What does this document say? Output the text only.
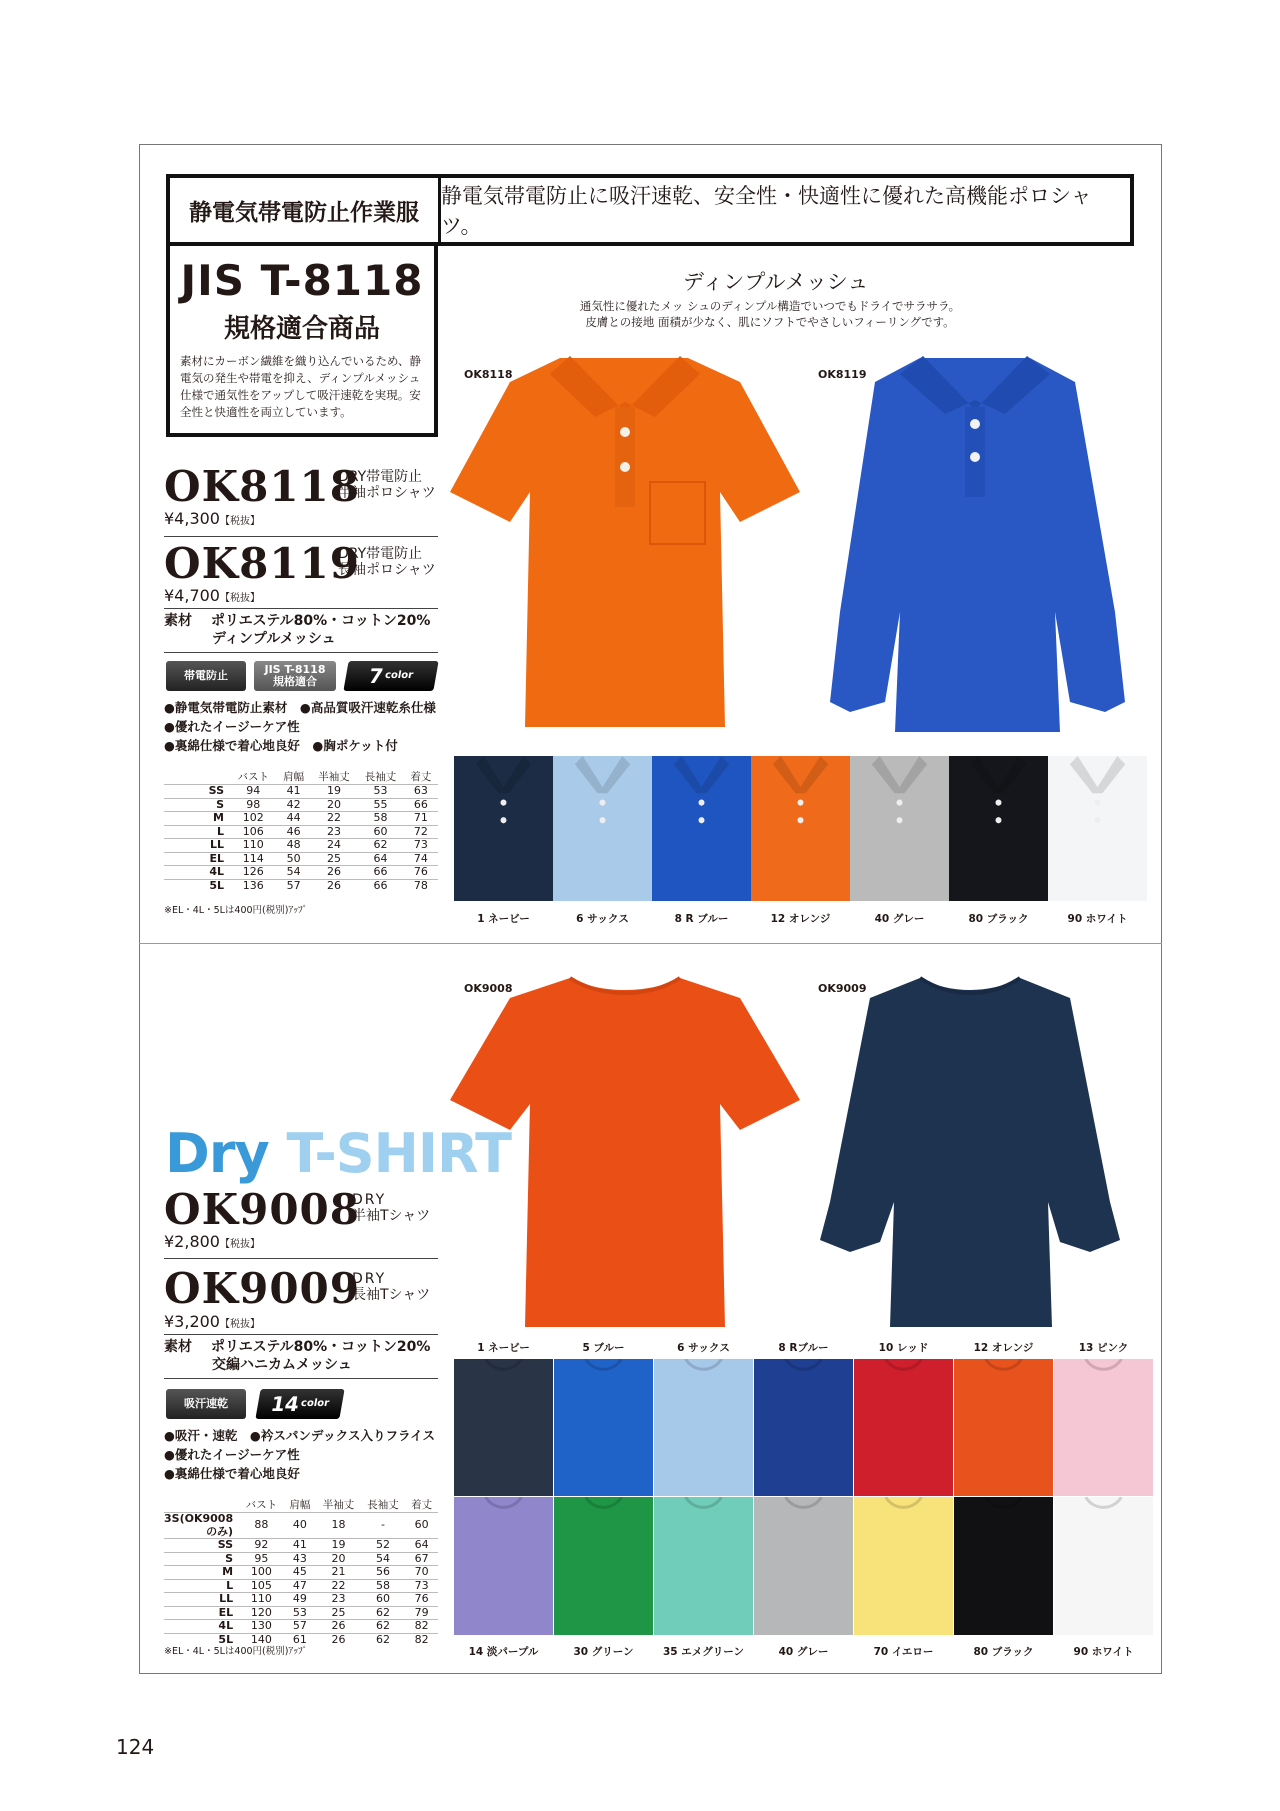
静電気帯電防止作業服
静電気帯電防止に吸汗速乾、安全性・快適性に優れた高機能ポロシャツ。
JIS T-8118
規格適合商品
素材にカーボン繊維を織り込んでいるため、静電気の発生や帯電を抑え、ディンプルメッシュ仕様で通気性をアップして吸汗速乾を実現。安全性と快適性を両立しています。
OK8118
DRY帯電防止
半袖ポロシャツ
¥4,300【税抜】
OK8119
DRY帯電防止
長袖ポロシャツ
¥4,700【税抜】
素材 ポリエステル80%・コットン20%
ディンプルメッシュ
帯電防止	JIS T-8118
規格適合	7 color
●静電気帯電防止素材　●高品質吸汗速乾糸仕様
●優れたイージーケア性
●裏綿仕様で着心地良好　●胸ポケット付
	バスト	肩幅	半袖丈	長袖丈	着丈
SS	94	41	19	53	63
S	98	42	20	55	66
M	102	44	22	58	71
L	106	46	23	60	72
LL	110	48	24	62	73
EL	114	50	25	64	74
4L	126	54	26	66	76
5L	136	57	26	66	78
※EL・4L・5Lは400円(税別)ｱｯﾌﾟ
ディンプルメッシュ
通気性に優れたメッ シュのディンプル構造でいつでもドライでサラサラ。
皮膚との接地 面積が少なく、肌にソフトでやさしいフィーリングです。
OK8118	OK8119
1 ネービー	6 サックス	8 R ブルー	12 オレンジ	40 グレー	80 ブラック	90 ホワイト
OK9008	OK9009
Dry T-SHIRT
OK9008
DRY
半袖Tシャツ
¥2,800【税抜】
OK9009
DRY
長袖Tシャツ
¥3,200【税抜】
素材 ポリエステル80%・コットン20%
交編ハニカムメッシュ
吸汗速乾	14 color
●吸汗・速乾　●衿スパンデックス入りフライス
●優れたイージーケア性
●裏綿仕様で着心地良好
	バスト	肩幅	半袖丈	長袖丈	着丈
3S(OK9008のみ)	88	40	18	-	60
SS	92	41	19	52	64
S	95	43	20	54	67
M	100	45	21	56	70
L	105	47	22	58	73
LL	110	49	23	60	76
EL	120	53	25	62	79
4L	130	57	26	62	82
5L	140	61	26	62	82
※EL・4L・5Lは400円(税別)ｱｯﾌﾟ
1 ネービー	5 ブルー	6 サックス	8 Rブルー	10 レッド	12 オレンジ	13 ピンク
14 淡パープル	30 グリーン	35 エメグリーン	40 グレー	70 イエロー	80 ブラック	90 ホワイト
124
